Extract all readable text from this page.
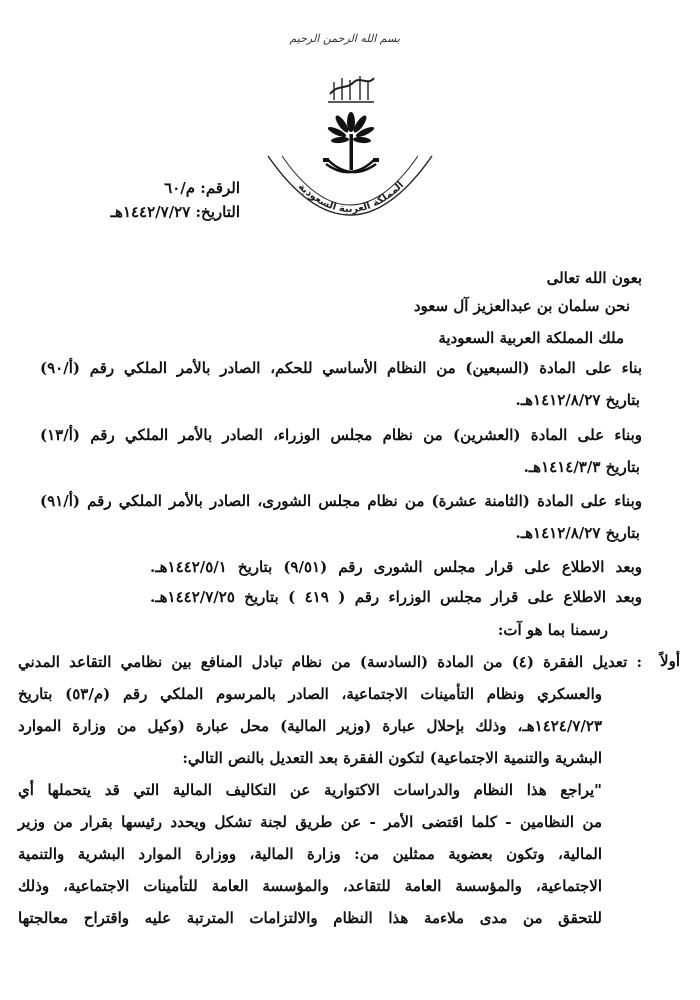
المملكة العربية السعودية
الرقم: م/٦٠
التاريخ: ١٤٤٢/٧/٢٧هـ
بعون الله تعالى
نحن سلمان بن عبدالعزيز آل سعود
ملك المملكة العربية السعودية
بناء على المادة (السبعين) من النظام الأساسي للحكم، الصادر بالأمر الملكي رقم (أ/٩٠)
بتاريخ ١٤١٢/٨/٢٧هـ.
وبناء على المادة (العشرين) من نظام مجلس الوزراء، الصادر بالأمر الملكي رقم (أ/١٣)
بتاريخ ١٤١٤/٣/٣هـ.
وبناء على المادة (الثامنة عشرة) من نظام مجلس الشورى، الصادر بالأمر الملكي رقم (أ/٩١)
بتاريخ ١٤١٢/٨/٢٧هـ.
وبعد الاطلاع على قرار مجلس الشورى رقم (٩/٥١) بتاريخ ١٤٤٢/٥/١هـ.
وبعد الاطلاع على قرار مجلس الوزراء رقم ( ٤١٩ ) بتاريخ ١٤٤٢/٧/٢٥هـ.
رسمنا بما هو آت:
أولاً
: تعديل الفقرة (٤) من المادة (السادسة) من نظام تبادل المنافع بين نظامي التقاعد المدني
والعسكري ونظام التأمينات الاجتماعية، الصادر بالمرسوم الملكي رقم (م/٥٣) بتاريخ
١٤٢٤/٧/٢٣هـ، وذلك بإحلال عبارة (وزير المالية) محل عبارة (وكيل من وزارة الموارد
البشرية والتنمية الاجتماعية) لتكون الفقرة بعد التعديل بالنص التالي:
"يراجع هذا النظام والدراسات الاكتوارية عن التكاليف المالية التي قد يتحملها أي
من النظامين - كلما اقتضى الأمر - عن طريق لجنة تشكل ويحدد رئيسها بقرار من وزير
المالية، وتكون بعضوية ممثلين من: وزارة المالية، ووزارة الموارد البشرية والتنمية
الاجتماعية، والمؤسسة العامة للتقاعد، والمؤسسة العامة للتأمينات الاجتماعية، وذلك
للتحقق من مدى ملاءمة هذا النظام والالتزامات المترتبة عليه واقتراح معالجتها
بسم الله الرحمن الرحيم
